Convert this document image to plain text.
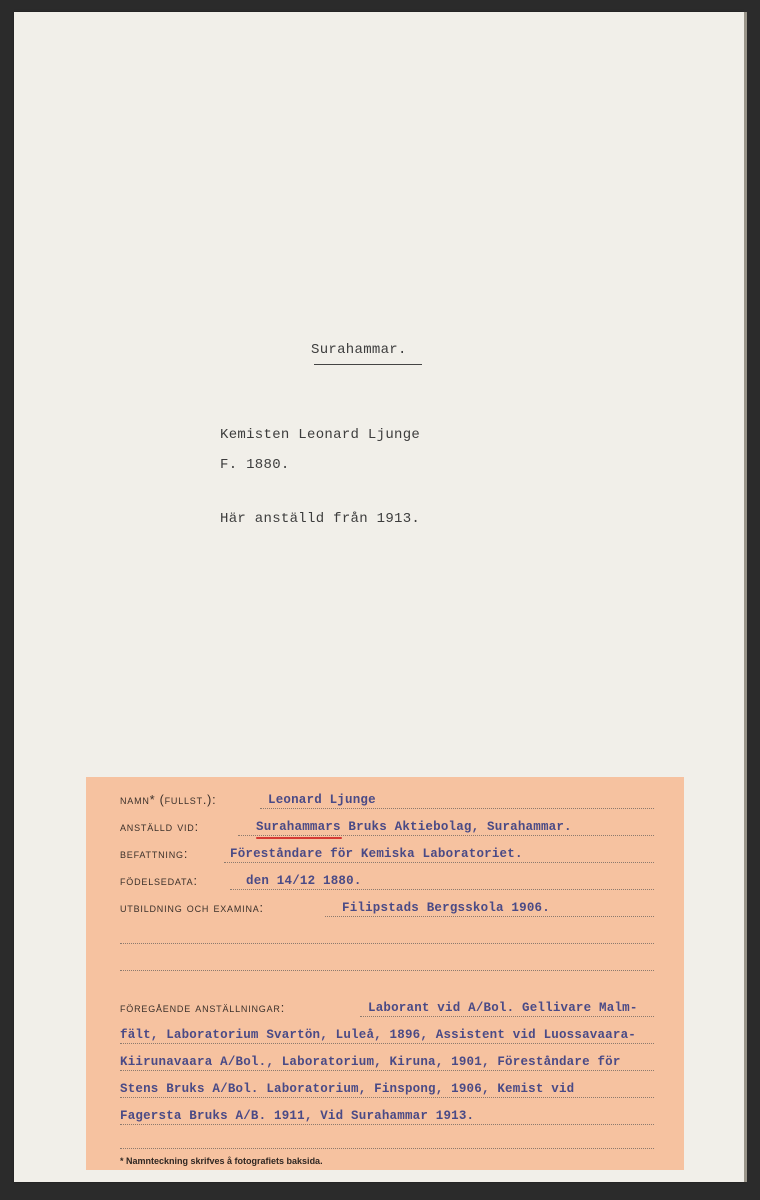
Surahammar.
Kemisten Leonard Ljunge
F. 1880.
Här anställd från 1913.
namn* (fullst.):	Leonard Ljunge
anställd vid:	Surahammars Bruks Aktiebolag, Surahammar.
befattning:	Föreståndare för Kemiska Laboratoriet.
födelsedata:	den 14/12 1880.
utbildning och examina:	Filipstads Bergsskola 1906.
föregående anställningar:	Laborant vid A/Bol. Gellivare Malm-
fält, Laboratorium Svartön, Luleå, 1896, Assistent vid Luossavaara-
Kiirunavaara A/Bol., Laboratorium, Kiruna, 1901, Föreståndare för
Stens Bruks A/Bol. Laboratorium, Finspong, 1906, Kemist vid
Fagersta Bruks A/B. 1911, Vid Surahammar 1913.
* Namnteckning skrifves å fotografiets baksida.
